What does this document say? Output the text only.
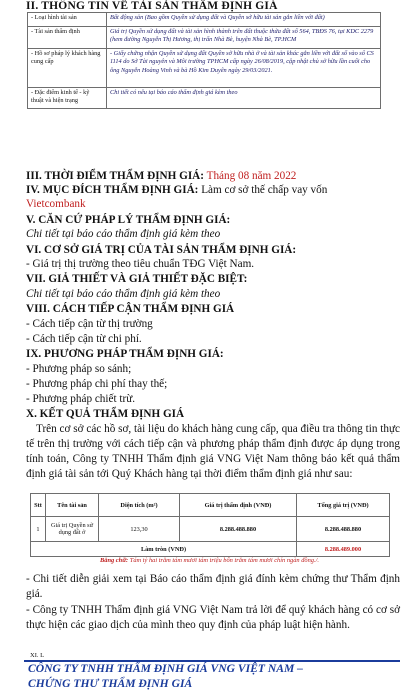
II. THÔNG TIN VỀ TÀI SẢN THẨM ĐỊNH GIÁ
- Loại hình tài sản	Bất động sản (Bao gồm Quyền sử dụng đất và Quyền sở hữu tài sản gắn liền với đất)
- Tài sản thẩm định	Giá trị Quyền sử dụng đất và tài sản hình thành trên đất thuộc thửa đất số 564, TBĐS 76, tại KDC 2279 (hem đường Nguyễn Thị Hương, thị trấn Nhà Bè, huyện Nhà Bè, TP.HCM
- Hồ sơ pháp lý khách hàng cung cấp	- Giấy chứng nhận Quyền sử dụng đất Quyền sở hữu nhà ở và tài sản khác gắn liền với đất số vào sổ CS 1114 do Sở Tài nguyên và Môi trường TPHCM cấp ngày 26/08/2019, cập nhật chủ sở hữu lần cuối cho ông Nguyễn Hoàng Vinh và bà Hồ Kim Duyên ngày 29/03/2021.
- Đặc điểm kinh tế - kỹ thuật và hiện trạng	Chi tiết có nêu tại báo cáo thẩm định giá kèm theo
III. THỜI ĐIỂM THẨM ĐỊNH GIÁ: Tháng 08 năm 2022
IV. MỤC ĐÍCH THẨM ĐỊNH GIÁ: Làm cơ sở thế chấp vay vốn
Vietcombank
V. CĂN CỨ PHÁP LÝ THẨM ĐỊNH GIÁ:
Chi tiết tại báo cáo thẩm định giá kèm theo
VI. CƠ SỞ GIÁ TRỊ CỦA TÀI SẢN THẨM ĐỊNH GIÁ:
- Giá trị thị trường theo tiêu chuẩn TĐG Việt Nam.
VII. GIẢ THIẾT VÀ GIẢ THIẾT ĐẶC BIỆT:
Chi tiết tại báo cáo thẩm định giá kèm theo
VIII. CÁCH TIẾP CẬN THẨM ĐỊNH GIÁ
- Cách tiếp cận từ thị trường
- Cách tiếp cận từ chi phí.
IX. PHƯƠNG PHÁP THẨM ĐỊNH GIÁ:
- Phương pháp so sánh;
- Phương pháp chi phí thay thế;
- Phương pháp chiết trừ.
X. KẾT QUẢ THẨM ĐỊNH GIÁ
Trên cơ sở các hồ sơ, tài liệu do khách hàng cung cấp, qua điều tra thông tin thực tế trên thị trường với cách tiếp cận và phương pháp thẩm định được áp dụng trong tính toán, Công ty TNHH Thẩm định giá VNG Việt Nam thông báo kết quả thẩm định giá tài sản tới Quý Khách hàng tại thời điểm thẩm định giá như sau:
Stt	Tên tài sản	Diện tích (m²)	Giá trị thẩm định (VNĐ)	Tổng giá trị (VNĐ)
1	Giá trị Quyền sử dụng đất ở	123,30	8.288.488.880	8.288.488.880
Làm tròn (VNĐ)				8.288.489.000
Bằng chữ: Tám tỷ hai trăm tám mươi tám triệu bốn trăm tám mươi chín ngàn đồng./.
- Chi tiết diễn giải xem tại Báo cáo thẩm định giá đính kèm chứng thư Thẩm định giá.
- Công ty TNHH Thẩm định giá VNG Việt Nam trả lời để quý khách hàng có cơ sở thực hiện các giao dịch của mình theo quy định của pháp luật hiện hành.
XI. L
CÔNG TY TNHH THẨM ĐỊNH GIÁ VNG VIỆT NAM –
CHỨNG THƯ THẨM ĐỊNH GIÁ
